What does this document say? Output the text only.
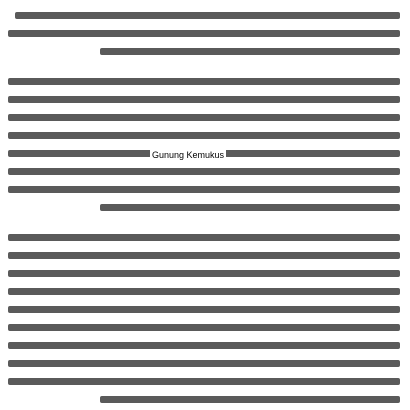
Gunung Kemukus
